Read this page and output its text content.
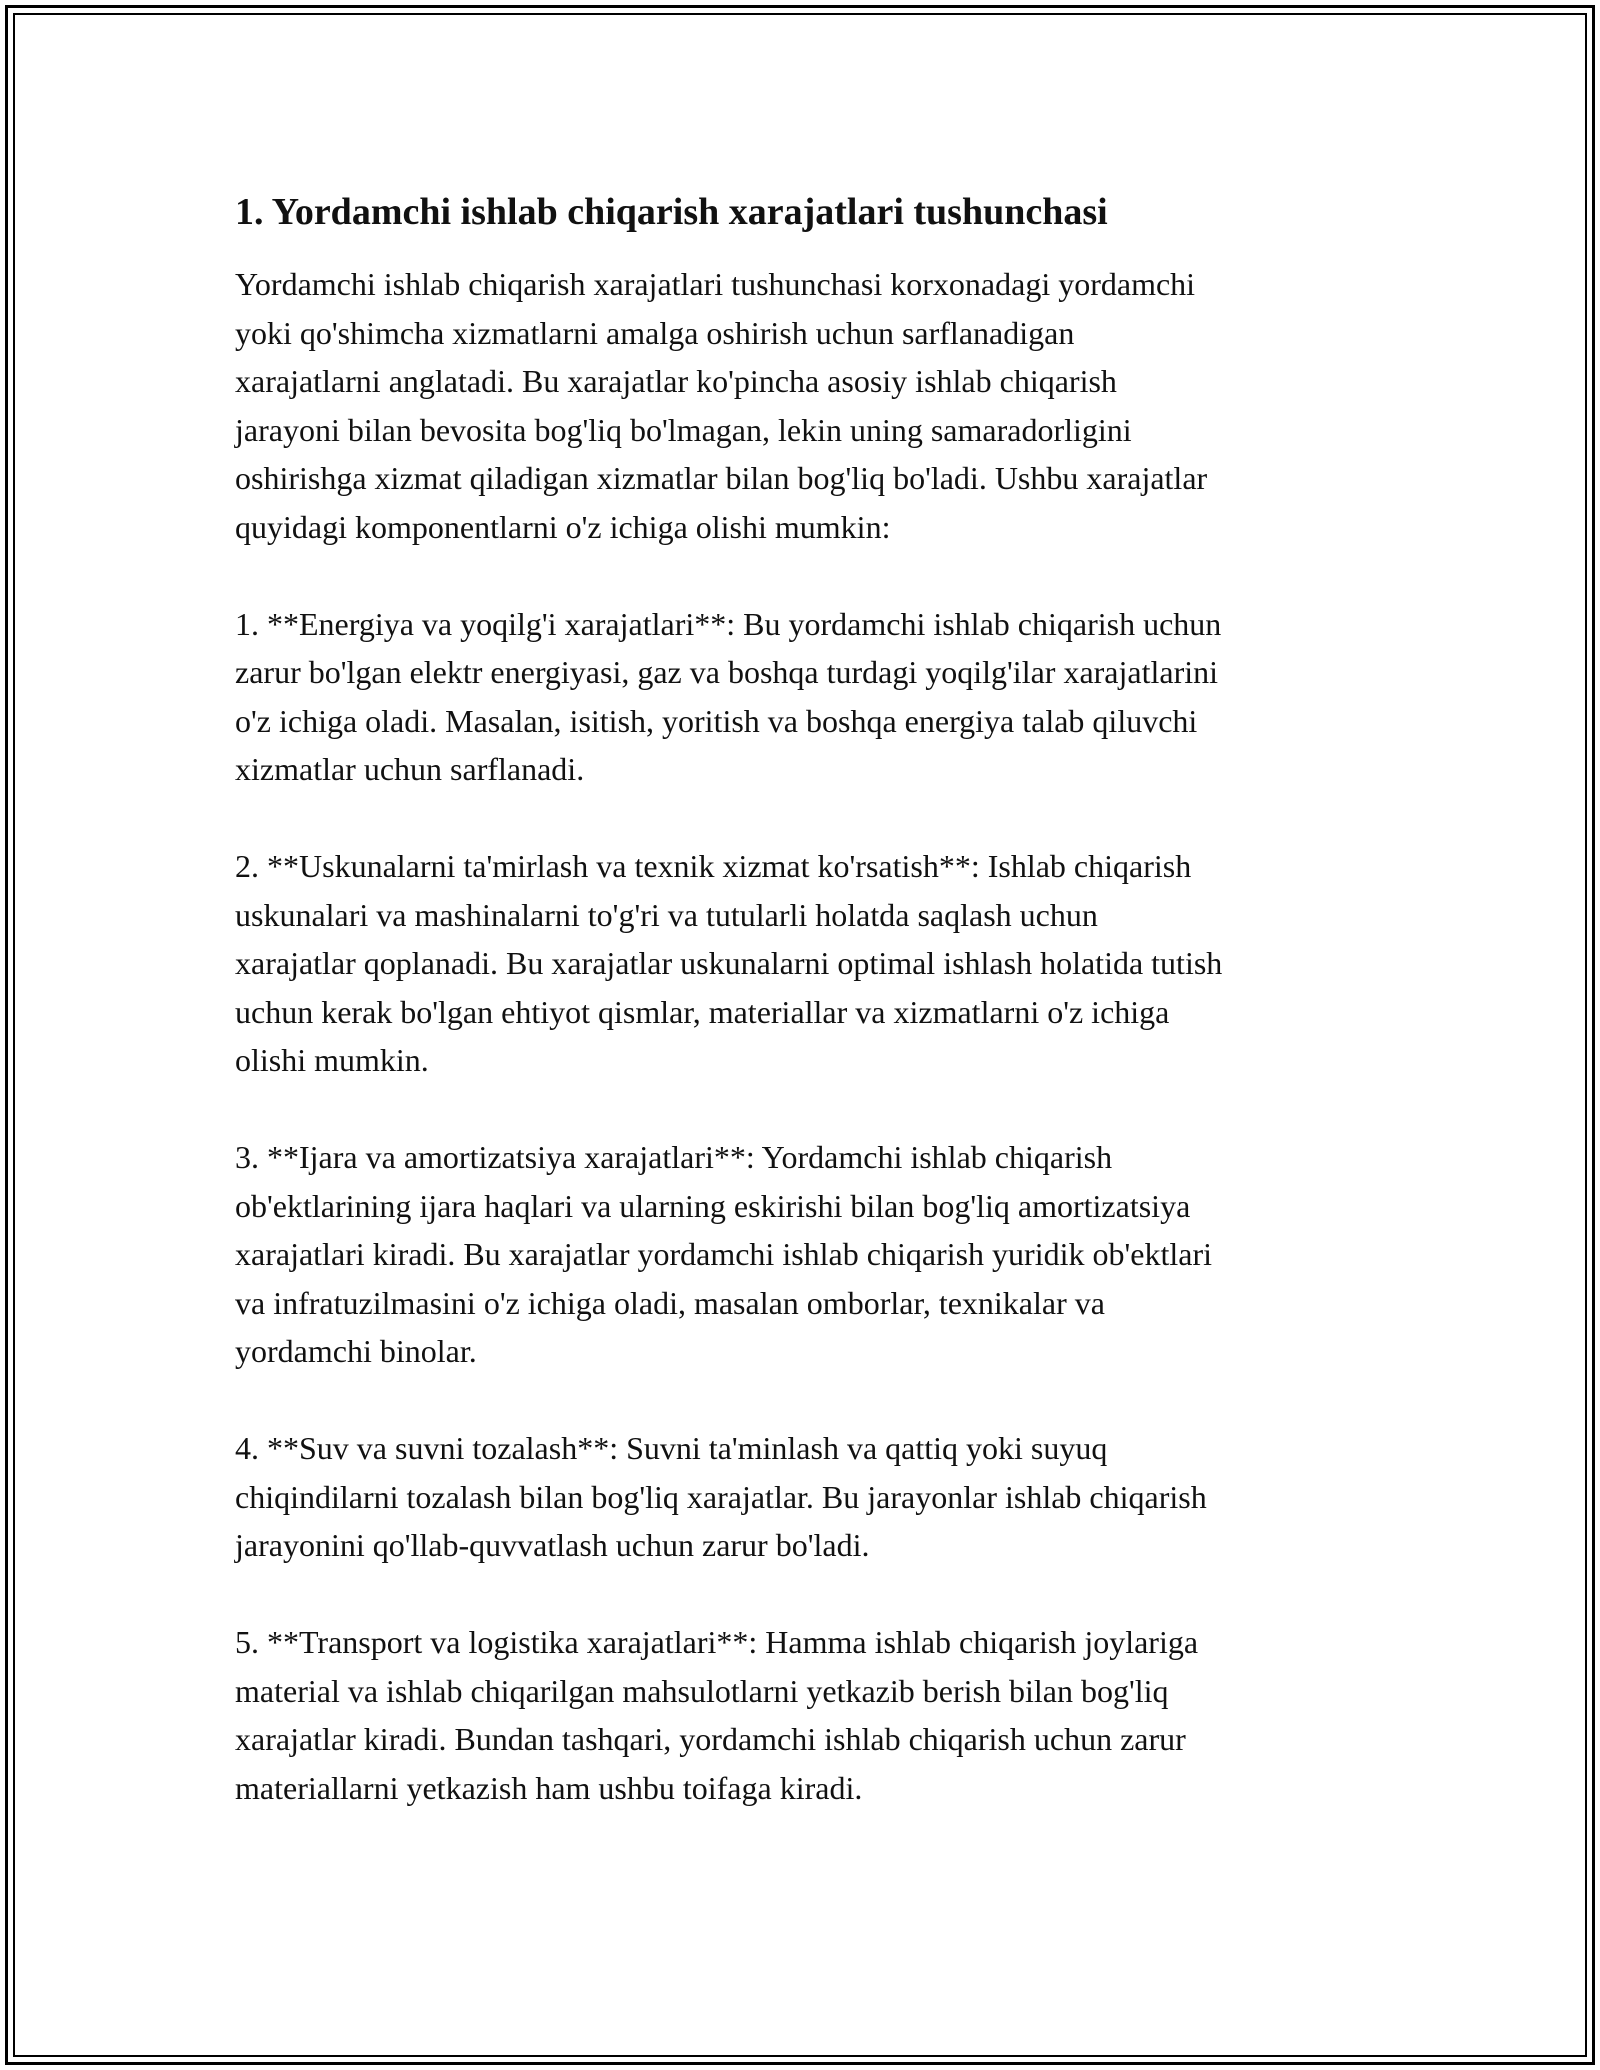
1. Yordamchi ishlab chiqarish xarajatlari tushunchasi

Yordamchi ishlab chiqarish xarajatlari tushunchasi korxonadagi yordamchi
yoki qo'shimcha xizmatlarni amalga oshirish uchun sarflanadigan
xarajatlarni anglatadi. Bu xarajatlar ko'pincha asosiy ishlab chiqarish
jarayoni bilan bevosita bog'liq bo'lmagan, lekin uning samaradorligini
oshirishga xizmat qiladigan xizmatlar bilan bog'liq bo'ladi. Ushbu xarajatlar
quyidagi komponentlarni o'z ichiga olishi mumkin:

1. **Energiya va yoqilg'i xarajatlari**: Bu yordamchi ishlab chiqarish uchun
zarur bo'lgan elektr energiyasi, gaz va boshqa turdagi yoqilg'ilar xarajatlarini
o'z ichiga oladi. Masalan, isitish, yoritish va boshqa energiya talab qiluvchi
xizmatlar uchun sarflanadi.

2. **Uskunalarni ta'mirlash va texnik xizmat ko'rsatish**: Ishlab chiqarish
uskunalari va mashinalarni to'g'ri va tutularli holatda saqlash uchun
xarajatlar qoplanadi. Bu xarajatlar uskunalarni optimal ishlash holatida tutish
uchun kerak bo'lgan ehtiyot qismlar, materiallar va xizmatlarni o'z ichiga
olishi mumkin.

3. **Ijara va amortizatsiya xarajatlari**: Yordamchi ishlab chiqarish
ob'ektlarining ijara haqlari va ularning eskirishi bilan bog'liq amortizatsiya
xarajatlari kiradi. Bu xarajatlar yordamchi ishlab chiqarish yuridik ob'ektlari
va infratuzilmasini o'z ichiga oladi, masalan omborlar, texnikalar va
yordamchi binolar.

4. **Suv va suvni tozalash**: Suvni ta'minlash va qattiq yoki suyuq
chiqindilarni tozalash bilan bog'liq xarajatlar. Bu jarayonlar ishlab chiqarish
jarayonini qo'llab-quvvatlash uchun zarur bo'ladi.

5. **Transport va logistika xarajatlari**: Hamma ishlab chiqarish joylariga
material va ishlab chiqarilgan mahsulotlarni yetkazib berish bilan bog'liq
xarajatlar kiradi. Bundan tashqari, yordamchi ishlab chiqarish uchun zarur
materiallarni yetkazish ham ushbu toifaga kiradi.
